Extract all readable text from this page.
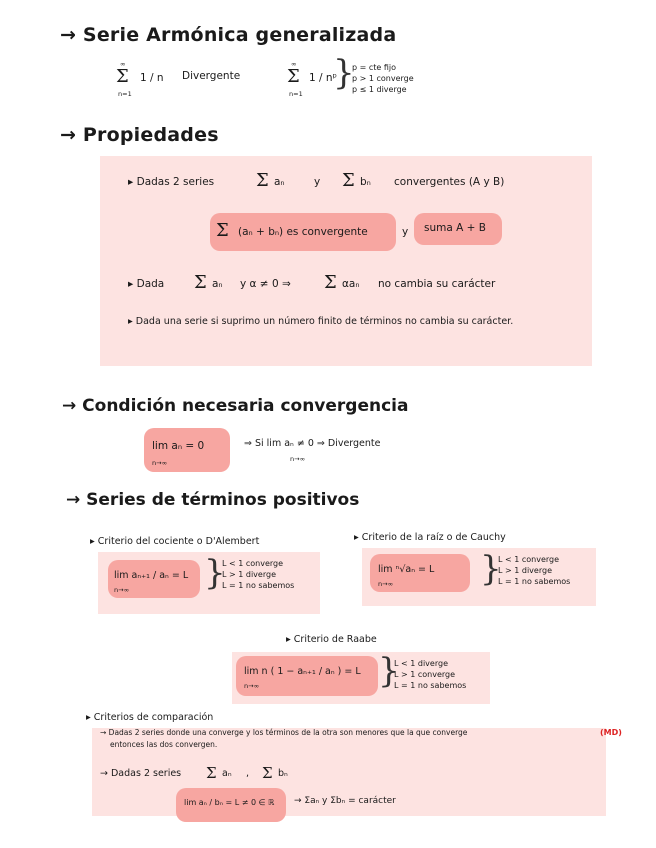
→ Serie Armónica generalizada
∞
Σ
n=1
1 / n Divergente
∞
Σ
n=1
1 / nᵖ
}
p = cte fijo
p > 1 converge
p ≤ 1 diverge
→ Propiedades
▸ Dadas 2 series Σ aₙ	y Σ bₙ convergentes (A y B)
Σ (aₙ + bₙ) es convergente	y suma A + B
▸ Dada Σ aₙ y α ≠ 0 ⇒ Σ αaₙ no cambia su carácter
▸ Dada una serie si suprimo un número finito de términos no cambia su carácter.
→ Condición necesaria convergencia
lim aₙ = 0
n→∞
⇒ Si lim aₙ ≠ 0 ⇒ Divergente
n→∞
→ Series de términos positivos
▸ Criterio del cociente o D'Alembert
lim aₙ₊₁ / aₙ = L
n→∞ }
L < 1 converge
L > 1 diverge
L = 1 no sabemos
▸ Criterio de la raíz o de Cauchy
lim ⁿ√aₙ = L
n→∞	}
L < 1 converge
L > 1 diverge
L = 1 no sabemos
▸ Criterio de Raabe
lim n ( 1 − aₙ₊₁ / aₙ ) = L
n→∞	}
L < 1 diverge
L > 1 converge
L = 1 no sabemos
▸ Criterios de comparación
→ Dadas 2 series donde una converge y los términos de la otra son menores que la que converge
entonces las dos convergen.
(MD)
→ Dadas 2 series Σ aₙ , Σ bₙ
lim aₙ / bₙ = L ≠ 0 ∈ ℝ → Σaₙ y Σbₙ = carácter
